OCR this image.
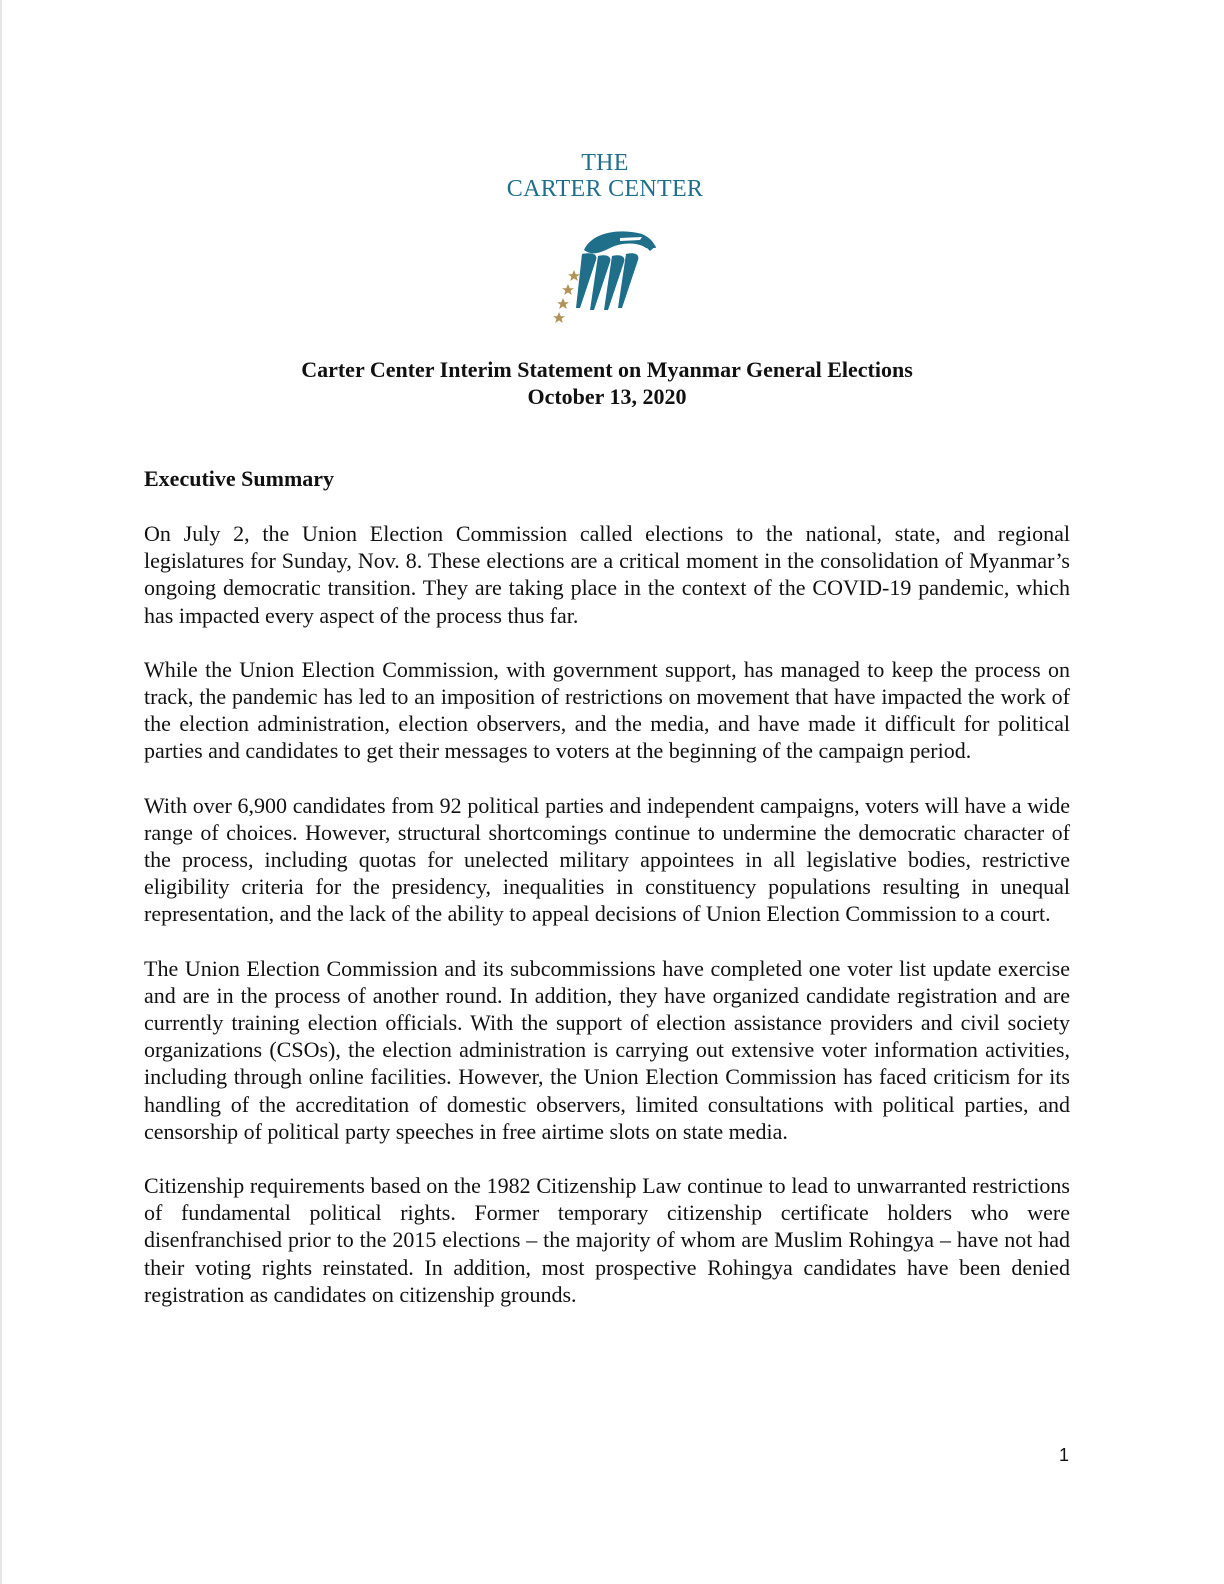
THE
CARTER CENTER
Carter Center Interim Statement on Myanmar General Elections
October 13, 2020
Executive Summary

On July 2, the Union Election Commission called elections to the national, state, and regional legislatures for Sunday, Nov. 8. These elections are a critical moment in the consolidation of Myanmar’s ongoing democratic transition. They are taking place in the context of the COVID-19 pandemic, which has impacted every aspect of the process thus far.

While the Union Election Commission, with government support, has managed to keep the process on track, the pandemic has led to an imposition of restrictions on movement that have impacted the work of the election administration, election observers, and the media, and have made it difficult for political parties and candidates to get their messages to voters at the beginning of the campaign period.

With over 6,900 candidates from 92 political parties and independent campaigns, voters will have a wide range of choices. However, structural shortcomings continue to undermine the democratic character of the process, including quotas for unelected military appointees in all legislative bodies, restrictive eligibility criteria for the presidency, inequalities in constituency populations resulting in unequal representation, and the lack of the ability to appeal decisions of Union Election Commission to a court.

The Union Election Commission and its subcommissions have completed one voter list update exercise and are in the process of another round. In addition, they have organized candidate registration and are currently training election officials. With the support of election assistance providers and civil society organizations (CSOs), the election administration is carrying out extensive voter information activities, including through online facilities. However, the Union Election Commission has faced criticism for its handling of the accreditation of domestic observers, limited consultations with political parties, and censorship of political party speeches in free airtime slots on state media.

Citizenship requirements based on the 1982 Citizenship Law continue to lead to unwarranted restrictions of fundamental political rights. Former temporary citizenship certificate holders who were disenfranchised prior to the 2015 elections – the majority of whom are Muslim Rohingya – have not had their voting rights reinstated. In addition, most prospective Rohingya candidates have been denied registration as candidates on citizenship grounds.

1
